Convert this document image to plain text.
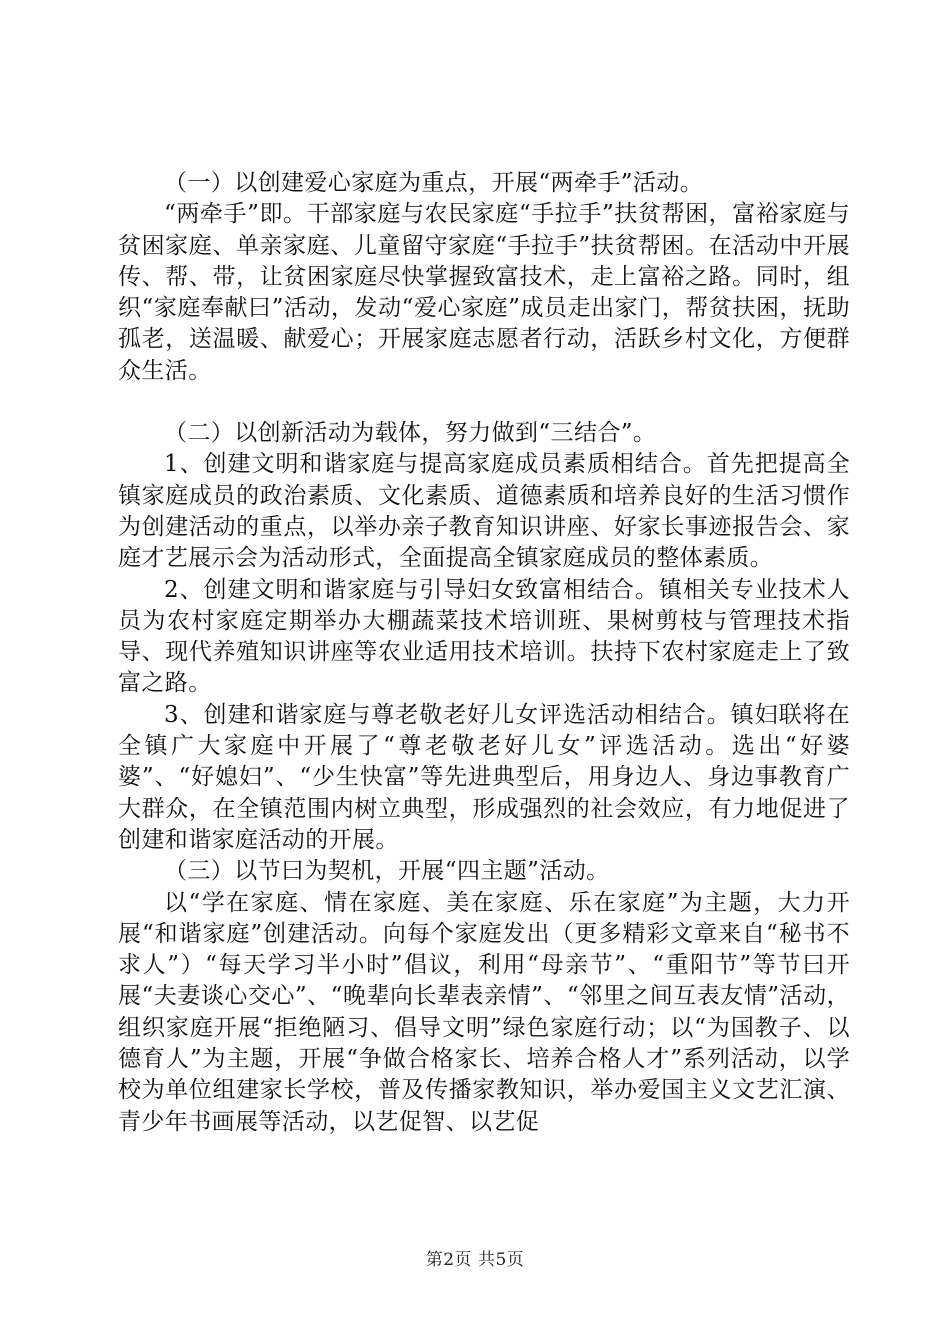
（一）以创建爱心家庭为重点，开展“两牵手”活动。

“两牵手”即。干部家庭与农民家庭“手拉手”扶贫帮困，富裕家庭与贫困家庭、单亲家庭、儿童留守家庭“手拉手”扶贫帮困。在活动中开展传、帮、带，让贫困家庭尽快掌握致富技术，走上富裕之路。同时，组织“家庭奉献曰”活动，发动“爱心家庭”成员走出家门，帮贫扶困，抚助孤老，送温暖、献爱心；开展家庭志愿者行动，活跃乡村文化，方便群众生活。

（二）以创新活动为载体，努力做到“三结合”。

1、创建文明和谐家庭与提高家庭成员素质相结合。首先把提高全镇家庭成员的政治素质、文化素质、道德素质和培养良好的生活习惯作为创建活动的重点，以举办亲子教育知识讲座、好家长事迹报告会、家庭才艺展示会为活动形式，全面提高全镇家庭成员的整体素质。

2、创建文明和谐家庭与引导妇女致富相结合。镇相关专业技术人员为农村家庭定期举办大棚蔬菜技术培训班、果树剪枝与管理技术指导、现代养殖知识讲座等农业适用技术培训。扶持下农村家庭走上了致富之路。

3、创建和谐家庭与尊老敬老好儿女评选活动相结合。镇妇联将在全镇广大家庭中开展了“尊老敬老好儿女”评选活动。选出“好婆婆”、“好媳妇”、“少生快富”等先进典型后，用身边人、身边事教育广大群众，在全镇范围内树立典型，形成强烈的社会效应，有力地促进了创建和谐家庭活动的开展。

（三）以节曰为契机，开展“四主题”活动。

以“学在家庭、情在家庭、美在家庭、乐在家庭”为主题，大力开展“和谐家庭”创建活动。向每个家庭发出（更多精彩文章来自“秘书不求人”）“每天学习半小时”倡议，利用“母亲节”、“重阳节”等节曰开展“夫妻谈心交心”、“晚辈向长辈表亲情”、“邻里之间互表友情”活动，组织家庭开展“拒绝陋习、倡导文明”绿色家庭行动；以“为国教子、以德育人”为主题，开展“争做合格家长、培养合格人才”系列活动，以学校为单位组建家长学校，普及传播家教知识，举办爱国主义文艺汇演、青少年书画展等活动，以艺促智、以艺促

第2页 共5页
